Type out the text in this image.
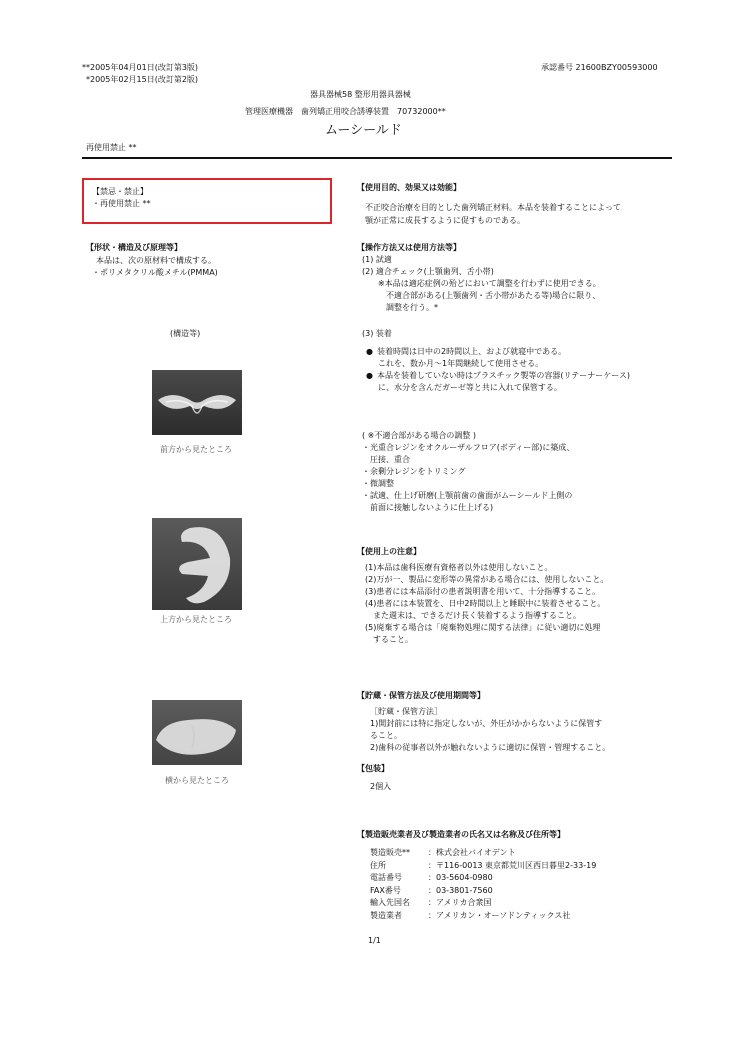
**2005年04月01日(改訂第3版)
*2005年02月15日(改訂第2版)
承認番号 21600BZY00593000
器具器械58 整形用器具器械
管理医療機器　歯列矯正用咬合誘導装置　70732000**
ムーシールド
再使用禁止 **
【禁忌・禁止】
・再使用禁止 **
【形状・構造及び原理等】
本品は、次の原材料で構成する。
・ポリメタクリル酸メチル(PMMA)
(構造等)
前方から見たところ
上方から見たところ
横から見たところ
【使用目的、効果又は効能】
不正咬合治療を目的とした歯列矯正材料。本品を装着することによって
顎が正常に成長するように促すものである。
【操作方法又は使用方法等】
(1) 試適
(2) 適合チェック(上顎歯列、舌小帯)
　　※本品は適応症例の殆どにおいて調整を行わずに使用できる。
　　　不適合部がある(上顎歯列・舌小帯があたる等)場合に限り、
　　　調整を行う。*
(3) 装着
● 装着時間は日中の2時間以上、および就寝中である。
これを、数か月～1年間継続して使用させる。
● 本品を装着していない時はプラスチック製等の容器(リテーナーケース)
に、水分を含んだガーゼ等と共に入れて保管する。
( ※不適合部がある場合の調整 )
・光重合レジンをオクルーザルフロア(ボディー部)に築成、
　圧接、重合
・余剰分レジンをトリミング
・微調整
・試適、仕上げ研磨(上顎前歯の歯面がムーシールド上側の
　前面に接触しないように仕上げる)
【使用上の注意】
(1)本品は歯科医療有資格者以外は使用しないこと。
(2)万が一、製品に変形等の異常がある場合には、使用しないこと。
(3)患者には本品添付の患者説明書を用いて、十分指導すること。
(4)患者には本装置を、日中2時間以上と睡眠中に装着させること。
　また週末は、できるだけ長く装着するよう指導すること。
(5)廃棄する場合は「廃棄物処理に関する法律」に従い適切に処理
　すること。
【貯蔵・保管方法及び使用期間等】
［貯蔵・保管方法］
1)開封前には特に指定しないが、外圧がかからないように保管す
ること。
2)歯科の従事者以外が触れないように適切に保管・管理すること。
【包装】
2個入
【製造販売業者及び製造業者の氏名又は名称及び住所等】
製造販売**	：株式会社バイオデント
住所	：〒116-0013 東京都荒川区西日暮里2-33-19
電話番号	：03-5604-0980
FAX番号	：03-3801-7560
輸入先国名	：アメリカ合衆国
製造業者	：アメリカン・オーソドンティックス社
1/1
